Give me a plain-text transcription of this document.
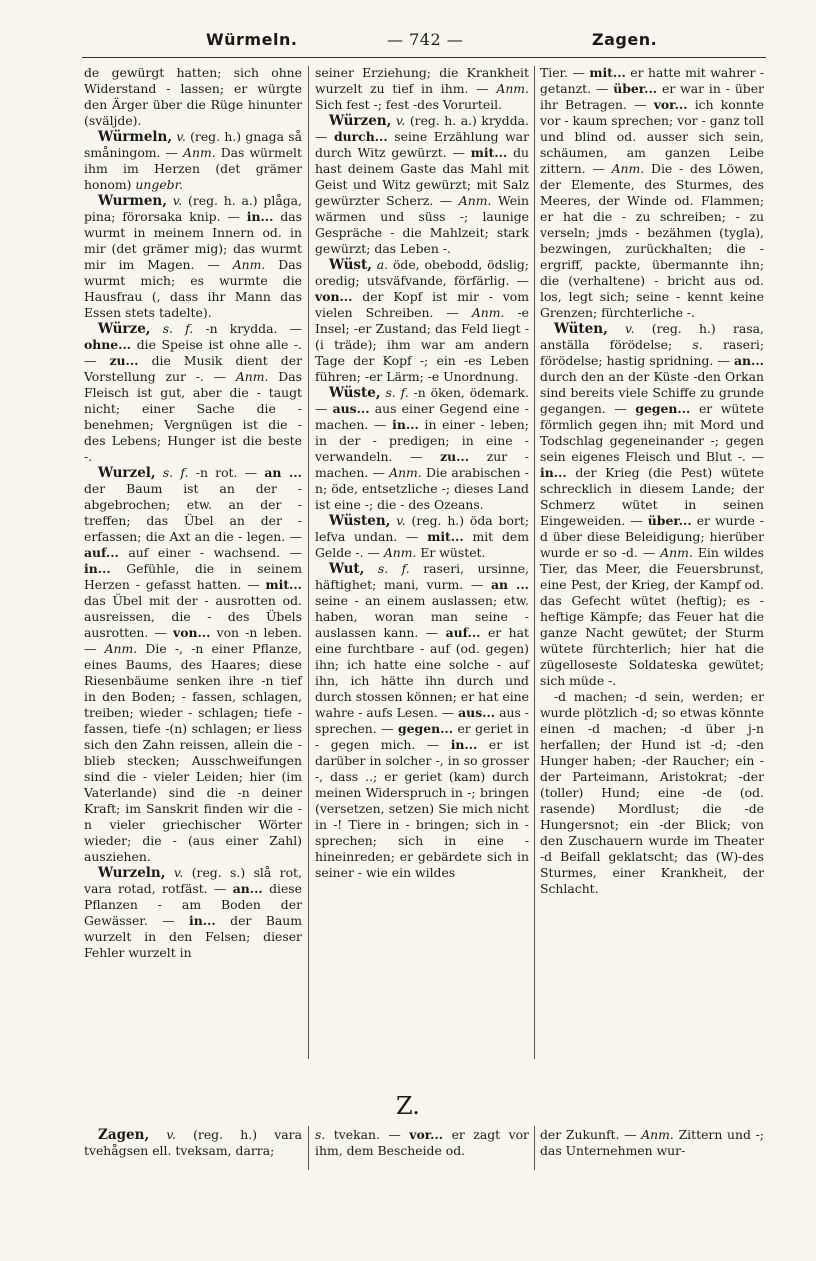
Würmeln.	— 742 —	Zagen.

de gewürgt hatten; sich ohne Widerstand - lassen; er würgte den Ärger über die Rüge hinunter (sväljde).

Würmeln, v. (reg. h.) gnaga så småningom. — Anm. Das würmelt ihm im Herzen (det grämer honom) ungebr.

Wurmen, v. (reg. h. a.) plåga, pina; förorsaka knip. — in... das wurmt in meinem Innern od. in mir (det grämer mig); das wurmt mir im Magen. — Anm. Das wurmt mich; es wurmte die Hausfrau (, dass ihr Mann das Essen stets tadelte).

Würze, s. f. -n krydda. — ohne... die Speise ist ohne alle -. — zu... die Musik dient der Vorstellung zur -. — Anm. Das Fleisch ist gut, aber die - taugt nicht; einer Sache die - benehmen; Vergnügen ist die - des Lebens; Hunger ist die beste -.

Wurzel, s. f. -n rot. — an ... der Baum ist an der - abgebrochen; etw. an der - treffen; das Übel an der - erfassen; die Axt an die - legen. — auf... auf einer - wachsend. — in... Gefühle, die in seinem Herzen - gefasst hatten. — mit... das Übel mit der - ausrotten od. ausreissen, die - des Übels ausrotten. — von... von -n leben. — Anm. Die -, -n einer Pflanze, eines Baums, des Haares; diese Riesenbäume senken ihre -n tief in den Boden; - fassen, schlagen, treiben; wieder - schlagen; tiefe - fassen, tiefe -(n) schlagen; er liess sich den Zahn reissen, allein die - blieb stecken; Ausschweifungen sind die - vieler Leiden; hier (im Vaterlande) sind die -n deiner Kraft; im Sanskrit finden wir die -n vieler griechischer Wörter wieder; die - (aus einer Zahl) ausziehen.

Wurzeln, v. (reg. s.) slå rot, vara rotad, rotfäst. — an... diese Pflanzen - am Boden der Gewässer. — in... der Baum wurzelt in den Felsen; dieser Fehler wurzelt in

seiner Erziehung; die Krankheit wurzelt zu tief in ihm. — Anm. Sich fest -; fest -des Vorurteil.

Würzen, v. (reg. h. a.) krydda. — durch... seine Erzählung war durch Witz gewürzt. — mit... du hast deinem Gaste das Mahl mit Geist und Witz gewürzt; mit Salz gewürzter Scherz. — Anm. Wein wärmen und süss -; launige Gespräche - die Mahlzeit; stark gewürzt; das Leben -.

Wüst, a. öde, obebodd, ödslig; oredig; utsväfvande, förfärlig. — von... der Kopf ist mir - vom vielen Schreiben. — Anm. -e Insel; -er Zustand; das Feld liegt - (i träde); ihm war am andern Tage der Kopf -; ein -es Leben führen; -er Lärm; -e Unordnung.

Wüste, s. f. -n öken, ödemark. — aus... aus einer Gegend eine - machen. — in... in einer - leben; in der - predigen; in eine - verwandeln. — zu... zur - machen. — Anm. Die arabischen -n; öde, entsetzliche -; dieses Land ist eine -; die - des Ozeans.

Wüsten, v. (reg. h.) öda bort; lefva undan. — mit... mit dem Gelde -. — Anm. Er wüstet.

Wut, s. f. raseri, ursinne, häftighet; mani, vurm. — an ... seine - an einem auslassen; etw. haben, woran man seine - auslassen kann. — auf... er hat eine furchtbare - auf (od. gegen) ihn; ich hatte eine solche - auf ihn, ich hätte ihn durch und durch stossen können; er hat eine wahre - aufs Lesen. — aus... aus - sprechen. — gegen... er geriet in - gegen mich. — in... er ist darüber in solcher -, in so grosser -, dass ..; er geriet (kam) durch meinen Widerspruch in -; bringen (versetzen, setzen) Sie mich nicht in -! Tiere in - bringen; sich in - sprechen; sich in eine - hineinreden; er gebärdete sich in seiner - wie ein wildes

Tier. — mit... er hatte mit wahrer - getanzt. — über... er war in - über ihr Betragen. — vor... ich konnte vor - kaum sprechen; vor - ganz toll und blind od. ausser sich sein, schäumen, am ganzen Leibe zittern. — Anm. Die - des Löwen, der Elemente, des Sturmes, des Meeres, der Winde od. Flammen; er hat die - zu schreiben; - zu verseln; jmds - bezähmen (tygla), bezwingen, zurückhalten; die - ergriff, packte, übermannte ihn; die (verhaltene) - bricht aus od. los, legt sich; seine - kennt keine Grenzen; fürchterliche -.

Wüten, v. (reg. h.) rasa, anställa förödelse; s. raseri; förödelse; hastig spridning. — an... durch den an der Küste -den Orkan sind bereits viele Schiffe zu grunde gegangen. — gegen... er wütete förmlich gegen ihn; mit Mord und Todschlag gegeneinander -; gegen sein eigenes Fleisch und Blut -. — in... der Krieg (die Pest) wütete schrecklich in diesem Lande; der Schmerz wütet in seinen Eingeweiden. — über... er wurde -d über diese Beleidigung; hierüber wurde er so -d. — Anm. Ein wildes Tier, das Meer, die Feuersbrunst, eine Pest, der Krieg, der Kampf od. das Gefecht wütet (heftig); es - heftige Kämpfe; das Feuer hat die ganze Nacht gewütet; der Sturm wütete fürchterlich; hier hat die zügelloseste Soldateska gewütet; sich müde -.

-d machen; -d sein, werden; er wurde plötzlich -d; so etwas könnte einen -d machen; -d über j-n herfallen; der Hund ist -d; -den Hunger haben; -der Raucher; ein -der Parteimann, Aristokrat; -der (toller) Hund; eine -de (od. rasende) Mordlust; die -de Hungersnot; ein -der Blick; von den Zuschauern wurde im Theater -d Beifall geklatscht; das (W)-des Sturmes, einer Krankheit, der Schlacht.

Z.

Zagen, v. (reg. h.) vara tvehågsen ell. tveksam, darra;

s. tvekan. — vor... er zagt vor ihm, dem Bescheide od.

der Zukunft. — Anm. Zittern und -; das Unternehmen wur-
